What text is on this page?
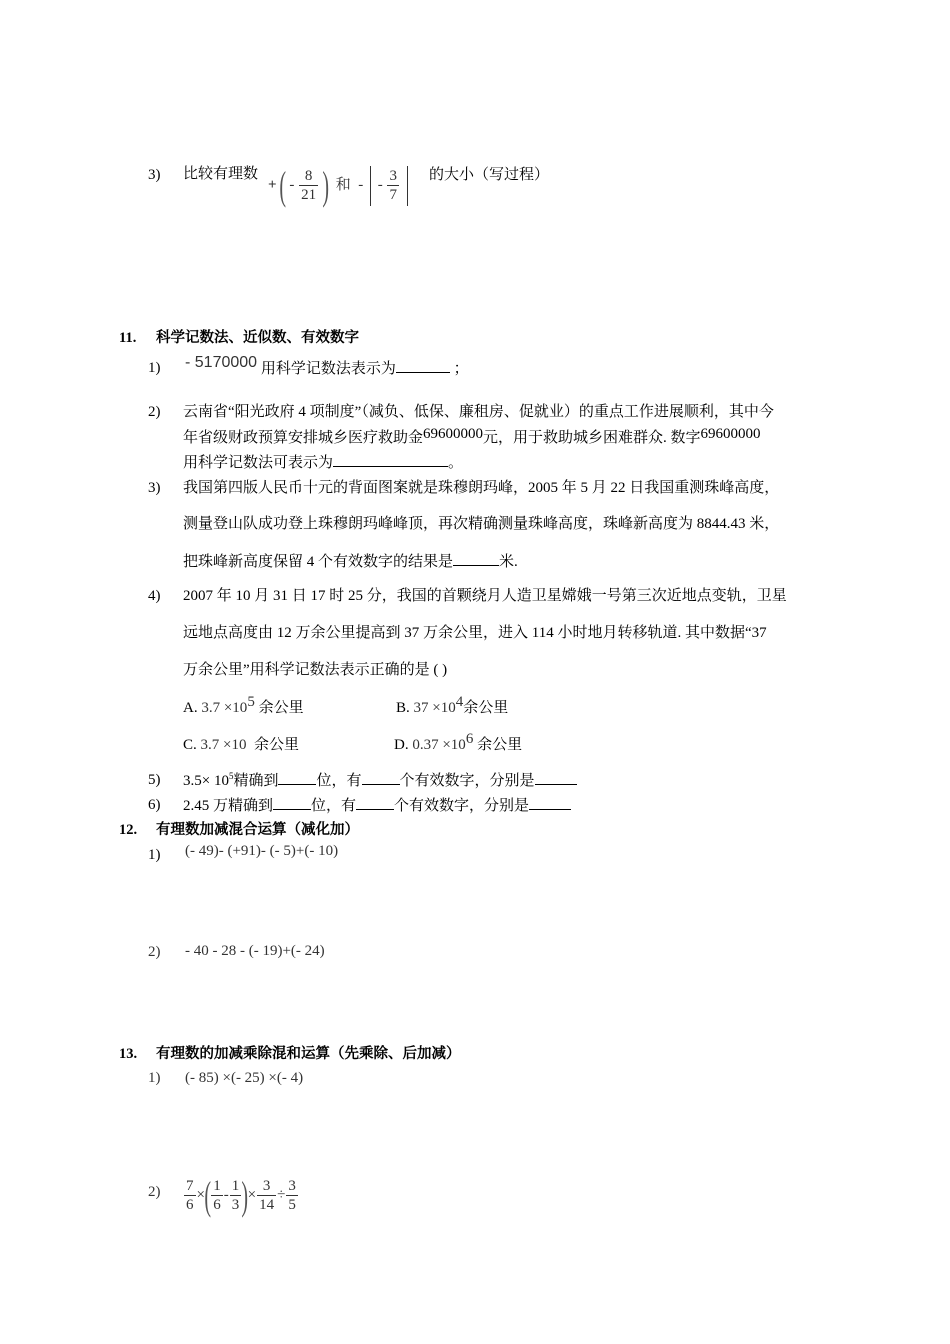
3)	比较有理数
+ ( - $\frac{8}{21}$ ) 和 - - $\frac{3}{7}$
的大小（写过程）
11. 科学记数法、近似数、有效数字
1)	- 5170000 用科学记数法表示为	；
2)	云南省“阳光政府 4 项制度”（减负、低保、廉租房、促就业）的重点工作进展顺利，其中今
年省级财政预算安排城乡医疗救助金69600000元，用于救助城乡困难群众. 数字69600000
用科学记数法可表示为	。
3)	我国第四版人民币十元的背面图案就是珠穆朗玛峰，2005 年 5 月 22 日我国重测珠峰高度，
测量登山队成功登上珠穆朗玛峰峰顶，再次精确测量珠峰高度，珠峰新高度为 8844.43 米，
把珠峰新高度保留 4 个有效数字的结果是	米.
4)	2007 年 10 月 31 日 17 时 25 分，我国的首颗绕月人造卫星嫦娥一号第三次近地点变轨，卫星
远地点高度由 12 万余公里提高到 37 万余公里，进入 114 小时地月转移轨道. 其中数据“37
万余公里”用科学记数法表示正确的是 ( )
A. $3.7 \times 10^5$ 余公里	B. $37 \times 10^4$余公里
C. 3.7 ×10 余公里	D. $0.37 \times 10^6$ 余公里
5)	$3.5\times 10^5$精确到	位，有	个有效数字，分别是
6)	2.45 万精确到	位，有	个有效数字，分别是
12. 有理数加减混合运算（减化加）
1)	(- 49)- (+91)- (- 5)+(- 10)
2)	- 40 - 28 - (- 19)+(- 24)
13. 有理数的加减乘除混和运算（先乘除、后加减）
1)	(- 85) ×(- 25) ×(- 4)
2)	$\frac{7}{6}$ ×( $\frac{1}{6} - \frac{1}{3}$ )× $\frac{3}{14} \div \frac{3}{5}$
